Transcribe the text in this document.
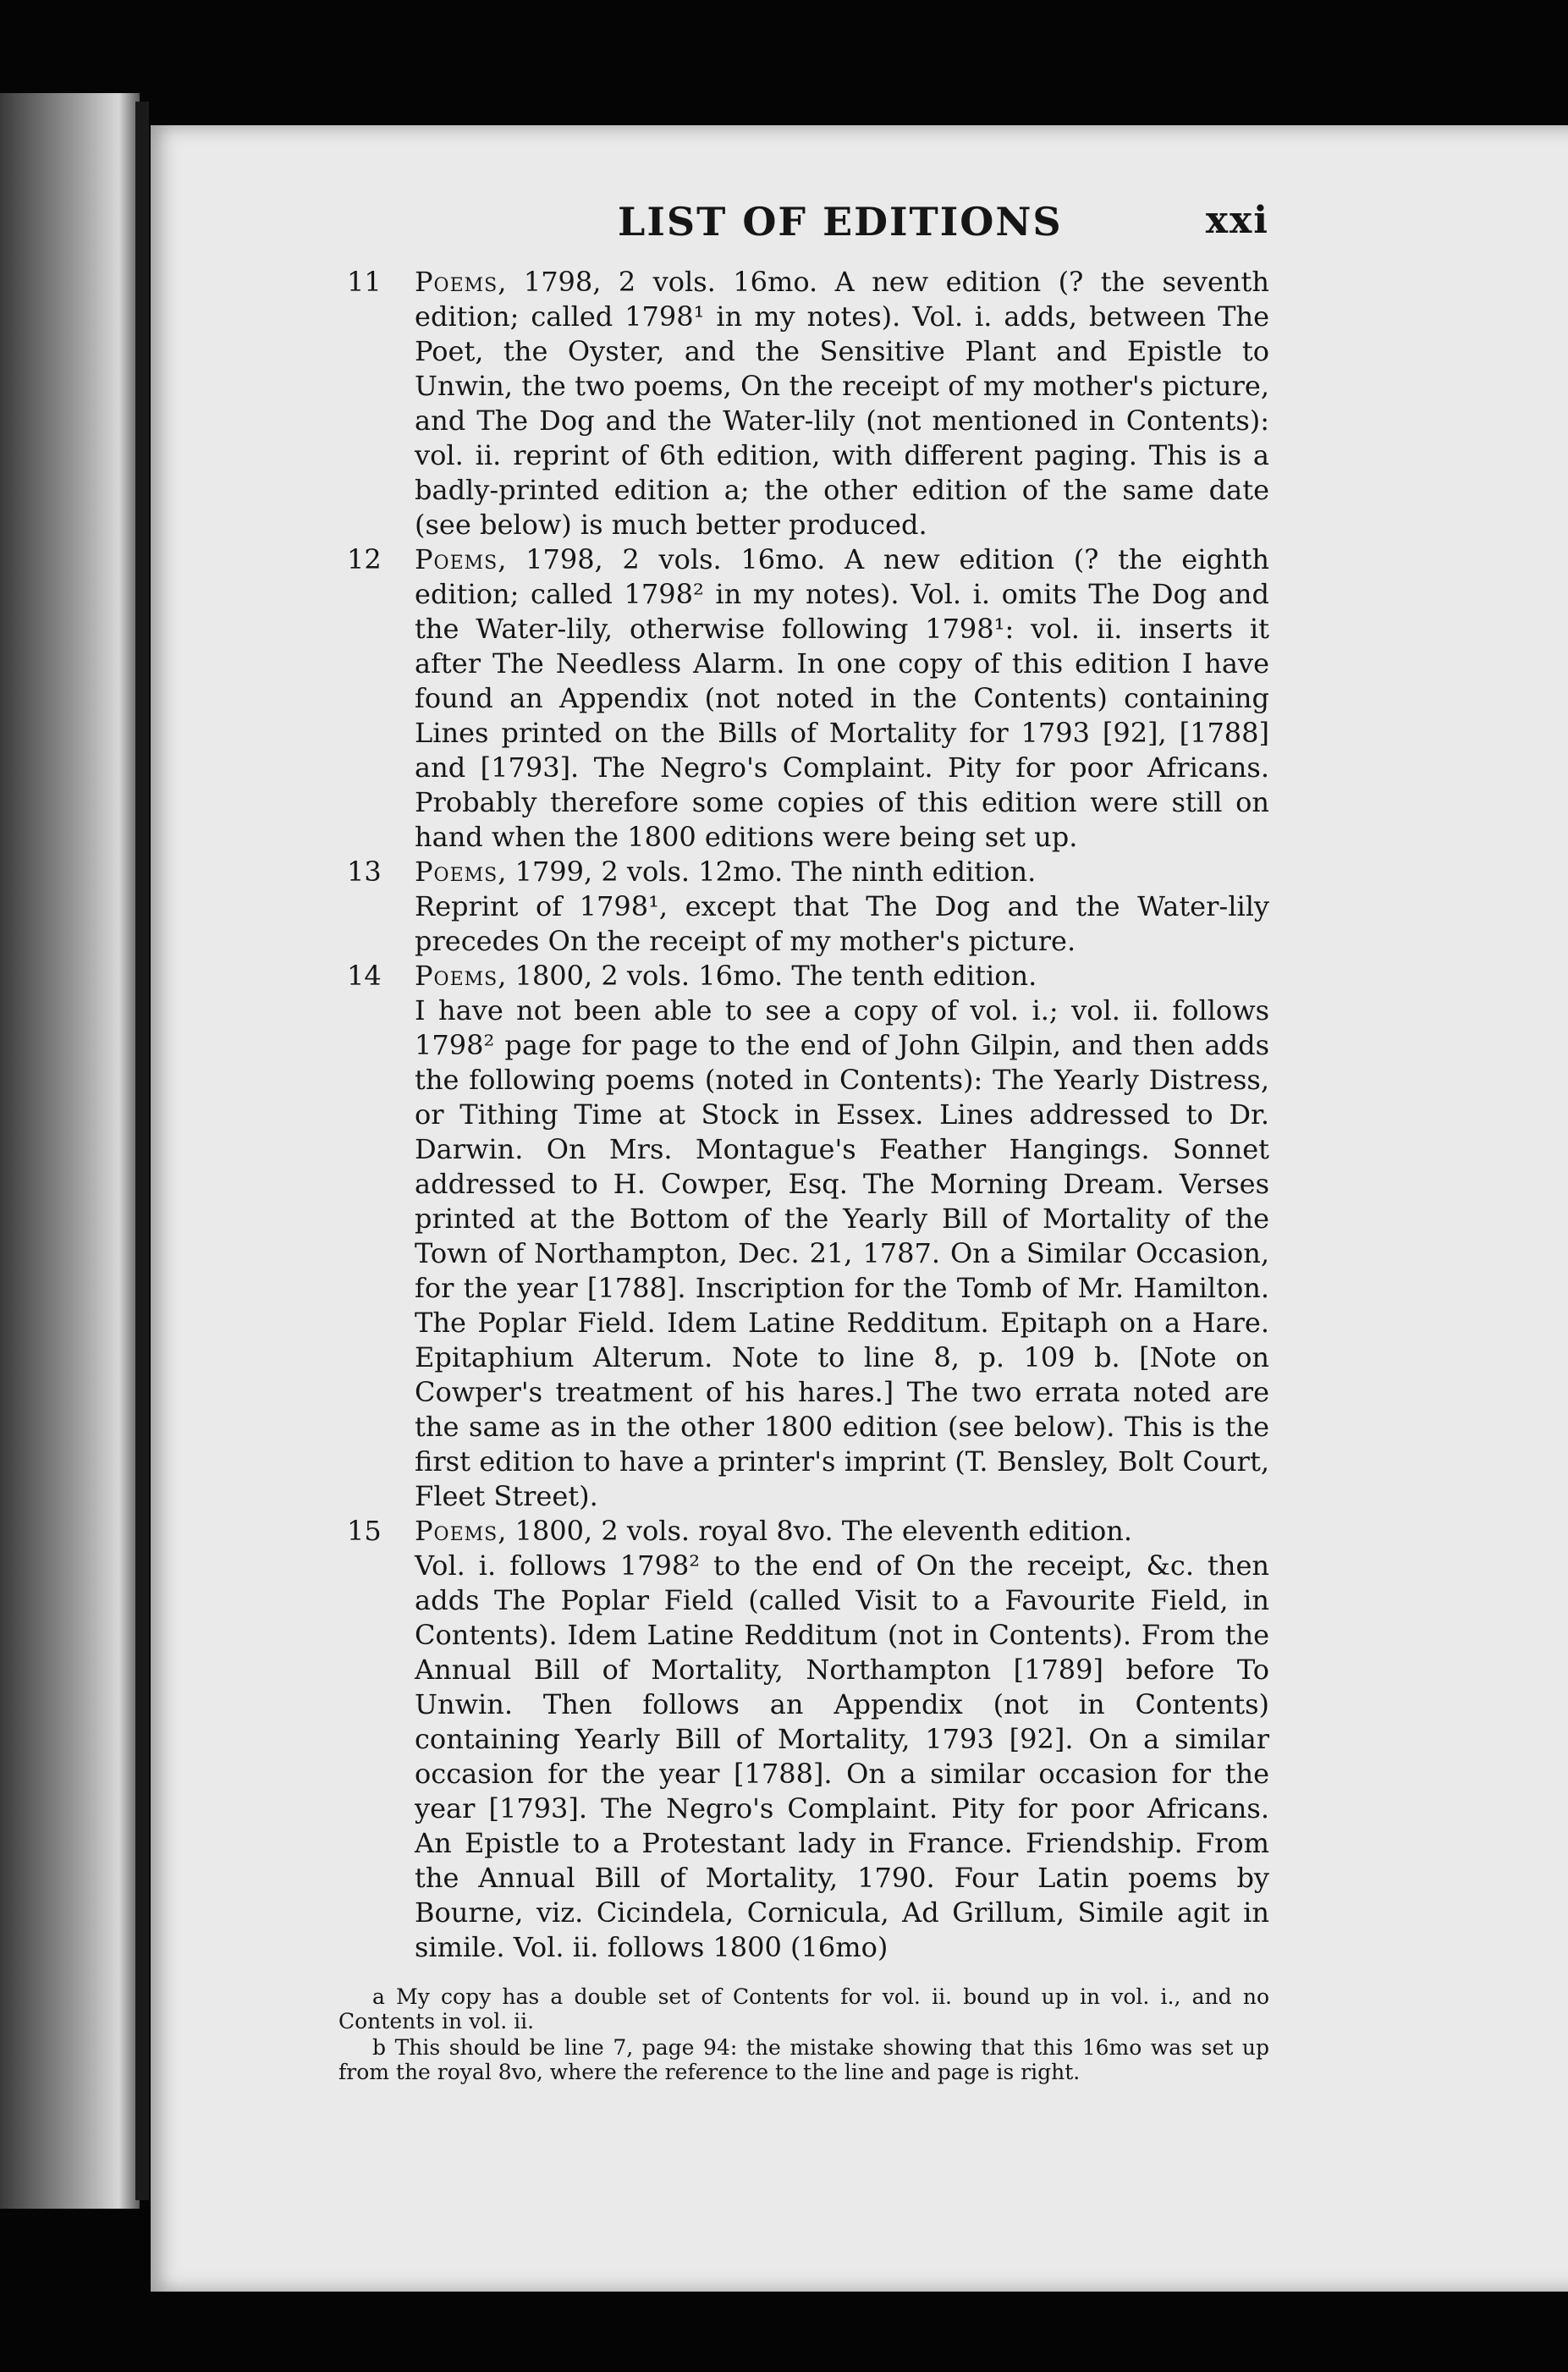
LIST OF EDITIONS	xxi
11 Poems, 1798, 2 vols. 16mo. A new edition (? the seventh edition; called 1798¹ in my notes). Vol. i. adds, between The Poet, the Oyster, and the Sensitive Plant and Epistle to Unwin, the two poems, On the receipt of my mother's picture, and The Dog and the Water-lily (not mentioned in Contents): vol. ii. reprint of 6th edition, with different paging. This is a badly-printed edition a; the other edition of the same date (see below) is much better produced.
12 Poems, 1798, 2 vols. 16mo. A new edition (? the eighth edition; called 1798² in my notes). Vol. i. omits The Dog and the Water-lily, otherwise following 1798¹: vol. ii. inserts it after The Needless Alarm. In one copy of this edition I have found an Appendix (not noted in the Contents) containing Lines printed on the Bills of Mortality for 1793 [92], [1788] and [1793]. The Negro's Complaint. Pity for poor Africans. Probably therefore some copies of this edition were still on hand when the 1800 editions were being set up.
13 Poems, 1799, 2 vols. 12mo. The ninth edition.
Reprint of 1798¹, except that The Dog and the Water-lily precedes On the receipt of my mother's picture.
14 Poems, 1800, 2 vols. 16mo. The tenth edition.
I have not been able to see a copy of vol. i.; vol. ii. follows 1798² page for page to the end of John Gilpin, and then adds the following poems (noted in Contents): The Yearly Distress, or Tithing Time at Stock in Essex. Lines addressed to Dr. Darwin. On Mrs. Montague's Feather Hangings. Sonnet addressed to H. Cowper, Esq. The Morning Dream. Verses printed at the Bottom of the Yearly Bill of Mortality of the Town of Northampton, Dec. 21, 1787. On a Similar Occasion, for the year [1788]. Inscription for the Tomb of Mr. Hamilton. The Poplar Field. Idem Latine Redditum. Epitaph on a Hare. Epitaphium Alterum. Note to line 8, p. 109 b. [Note on Cowper's treatment of his hares.] The two errata noted are the same as in the other 1800 edition (see below). This is the first edition to have a printer's imprint (T. Bensley, Bolt Court, Fleet Street).
15 Poems, 1800, 2 vols. royal 8vo. The eleventh edition.
Vol. i. follows 1798² to the end of On the receipt, &c. then adds The Poplar Field (called Visit to a Favourite Field, in Contents). Idem Latine Redditum (not in Contents). From the Annual Bill of Mortality, Northampton [1789] before To Unwin. Then follows an Appendix (not in Contents) containing Yearly Bill of Mortality, 1793 [92]. On a similar occasion for the year [1788]. On a similar occasion for the year [1793]. The Negro's Complaint. Pity for poor Africans. An Epistle to a Protestant lady in France. Friendship. From the Annual Bill of Mortality, 1790. Four Latin poems by Bourne, viz. Cicindela, Cornicula, Ad Grillum, Simile agit in simile. Vol. ii. follows 1800 (16mo)

a My copy has a double set of Contents for vol. ii. bound up in vol. i., and no Contents in vol. ii.

b This should be line 7, page 94: the mistake showing that this 16mo was set up from the royal 8vo, where the reference to the line and page is right.
